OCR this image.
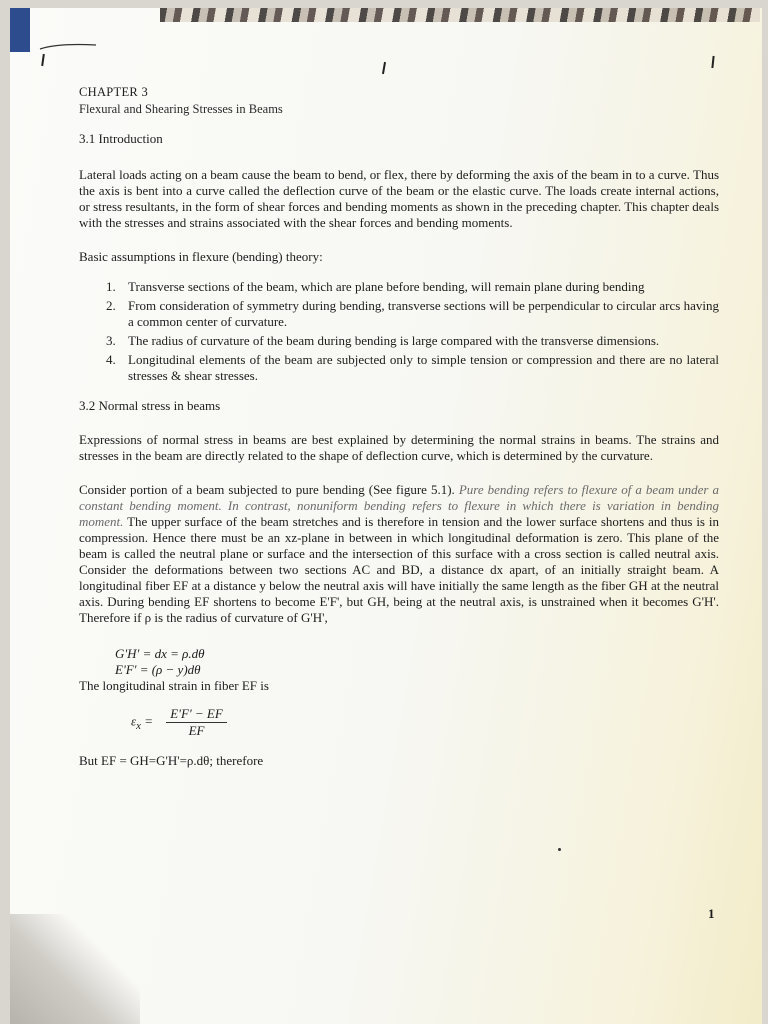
CHAPTER 3
Flexural and Shearing Stresses in Beams
3.1 Introduction
Lateral loads acting on a beam cause the beam to bend, or flex, there by deforming the axis of the beam in to a curve. Thus the axis is bent into a curve called the deflection curve of the beam or the elastic curve. The loads create internal actions, or stress resultants, in the form of shear forces and bending moments as shown in the preceding chapter. This chapter deals with the stresses and strains associated with the shear forces and bending moments.
Basic assumptions in flexure (bending) theory:
1. Transverse sections of the beam, which are plane before bending, will remain plane during bending
2. From consideration of symmetry during bending, transverse sections will be perpendicular to circular arcs having a common center of curvature.
3. The radius of curvature of the beam during bending is large compared with the transverse dimensions.
4. Longitudinal elements of the beam are subjected only to simple tension or compression and there are no lateral stresses & shear stresses.
3.2 Normal stress in beams
Expressions of normal stress in beams are best explained by determining the normal strains in beams. The strains and stresses in the beam are directly related to the shape of deflection curve, which is determined by the curvature.
Consider portion of a beam subjected to pure bending (See figure 5.1). Pure bending refers to flexure of a beam under a constant bending moment. In contrast, nonuniform bending refers to flexure in which there is variation in bending moment. The upper surface of the beam stretches and is therefore in tension and the lower surface shortens and thus is in compression. Hence there must be an xz-plane in between in which longitudinal deformation is zero. This plane of the beam is called the neutral plane or surface and the intersection of this surface with a cross section is called neutral axis. Consider the deformations between two sections AC and BD, a distance dx apart, of an initially straight beam. A longitudinal fiber EF at a distance y below the neutral axis will have initially the same length as the fiber GH at the neutral axis. During bending EF shortens to become E'F', but GH, being at the neutral axis, is unstrained when it becomes G'H'. Therefore if ρ is the radius of curvature of G'H',
G'H' = dx = ρ.dθ
E'F' = (ρ − y)dθ
The longitudinal strain in fiber EF is
$\varepsilon_x = \frac{E'F' - EF}{EF}$
But EF = GH=G'H'=ρ.dθ; therefore
1
